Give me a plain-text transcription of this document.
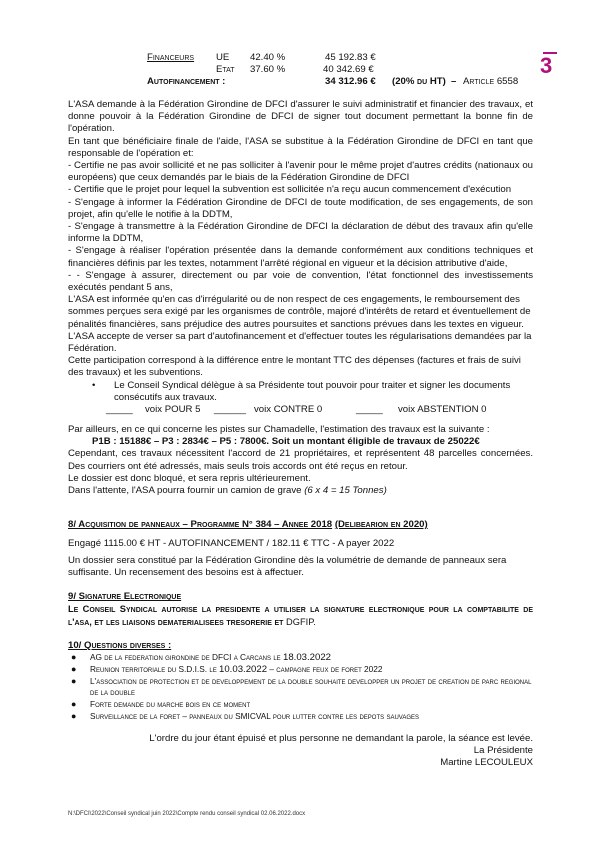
3
Financeurs UE 42.40 %	45 192.83 €
Etat 37.60 %	40 342.69 €
Autofinancement :	34 312.96 € (20% du HT) – Article 6558

L'ASA demande à la Fédération Girondine de DFCI d'assurer le suivi administratif et financier des travaux, et donne pouvoir à la Fédération Girondine de DFCI de signer tout document permettant la bonne fin de l'opération.

En tant que bénéficiaire finale de l'aide, l'ASA se substitue à la Fédération Girondine de DFCI en tant que responsable de l'opération et:

- Certifie ne pas avoir sollicité et ne pas solliciter à l'avenir pour le même projet d'autres crédits (nationaux ou européens) que ceux demandés par le biais de la Fédération Girondine de DFCI

- Certifie que le projet pour lequel la subvention est sollicitée n'a reçu aucun commencement d'exécution

- S'engage à informer la Fédération Girondine de DFCI de toute modification, de ses engagements, de son projet, afin qu'elle le notifie à la DDTM,

- S'engage à transmettre à la Fédération Girondine de DFCI la déclaration de début des travaux afin qu'elle informe la DDTM,

- S'engage à réaliser l'opération présentée dans la demande conformément aux conditions techniques et financières définis par les textes, notamment l'arrêté régional en vigueur et la décision attributive d'aide,

- - S'engage à assurer, directement ou par voie de convention, l'état fonctionnel des investissements exécutés pendant 5 ans,

L'ASA est informée qu'en cas d'irrégularité ou de non respect de ces engagements, le remboursement des sommes perçues sera exigé par les organismes de contrôle, majoré d'intérêts de retard et éventuellement de pénalités financières, sans préjudice des autres poursuites et sanctions prévues dans les textes en vigueur.

L'ASA accepte de verser sa part d'autofinancement et d'effectuer toutes les régularisations demandées par la Fédération.

Cette participation correspond à la différence entre le montant TTC des dépenses (factures et frais de suivi des travaux) et les subventions.

• Le Conseil Syndical délègue à sa Présidente tout pouvoir pour traiter et signer les documents consécutifs aux travaux.
_____ voix POUR 5 ______ voix CONTRE 0	_____ voix ABSTENTION 0

Par ailleurs, en ce qui concerne les pistes sur Chamadelle, l'estimation des travaux est la suivante :

P1B : 15188€ – P3 : 2834€ – P5 : 7800€. Soit un montant éligible de travaux de 25022€

Cependant, ces travaux nécessitent l'accord de 21 propriétaires, et représentent 48 parcelles concernées. Des courriers ont été adressés, mais seuls trois accords ont été reçus en retour.

Le dossier est donc bloqué, et sera repris ultérieurement.

Dans l'attente, l'ASA pourra fournir un camion de grave (6 x 4 = 15 Tonnes)

8/ Acquisition de panneaux – Programme N° 384 – Annee 2018 (Delibearion en 2020)

Engagé 1115.00 € HT - AUTOFINANCEMENT / 182.11 € TTC - A payer 2022

Un dossier sera constitué par la Fédération Girondine dès la volumétrie de demande de panneaux sera suffisante. Un recensement des besoins est à affectuer.

9/ Signature Electronique

Le Conseil Syndical autorise la presidente a utiliser la signature electronique pour la comptabilite de l'asa, et les liaisons dematerialisees tresorerie et DGFIP.

10/ Questions diverses :

● AG de la federation girondine de DFCI a Carcans le 18.03.2022
● Reunion territoriale du S.D.I.S. le 10.03.2022 – campagne feux de foret 2022
● L'association de protection et de developpement de la double souhaite developper un projet de creation de parc regional de la double
● Forte demande du marche bois en ce moment
● Surveillance de la foret – panneaux du SMICVAL pour lutter contre les depots sauvages

L'ordre du jour étant épuisé et plus personne ne demandant la parole, la séance est levée.

La Présidente

Martine LECOULEUX

N:\DFCI\2022\Conseil syndical juin 2022\Compte rendu conseil syndical 02.06.2022.docx
